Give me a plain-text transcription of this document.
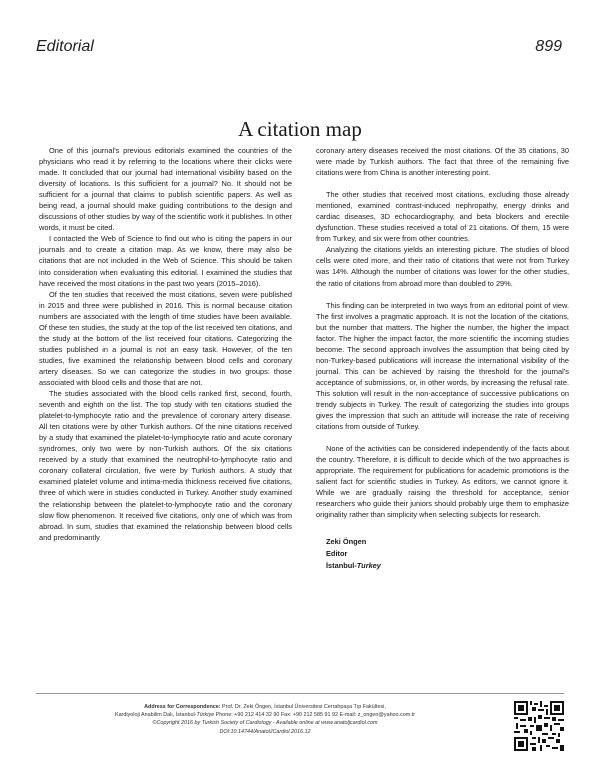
Editorial	899
A citation map

One of this journal’s previous editorials examined the countries of the physicians who read it by referring to the locations where their clicks were made. It concluded that our journal had international visibility based on the diversity of locations. Is this sufficient for a journal? No. It should not be sufficient for a journal that claims to publish scientific papers. As well as being read, a journal should make guiding contributions to the design and discussions of other studies by way of the scientific work it publishes. In other words, it must be cited.

I contacted the Web of Science to find out who is citing the papers in our journals and to create a citation map. As we know, there may also be citations that are not included in the Web of Science. This should be taken into consideration when evaluating this editorial. I examined the studies that have received the most citations in the past two years (2015–2016).

Of the ten studies that received the most citations, seven were published in 2015 and three were published in 2016. This is normal because citation numbers are associated with the length of time studies have been available. Of these ten studies, the study at the top of the list received ten citations, and the study at the bottom of the list received four citations. Categorizing the studies published in a journal is not an easy task. However, of the ten studies, five examined the relationship between blood cells and coronary artery diseases. So we can categorize the studies in two groups: those associated with blood cells and those that are not.

The studies associated with the blood cells ranked first, second, fourth, seventh and eighth on the list. The top study with ten citations studied the platelet-to-lymphocyte ratio and the prevalence of coronary artery disease. All ten citations were by other Turkish authors. Of the nine citations received by a study that examined the platelet-to-lymphocyte ratio and acute coronary syndromes, only two were by non-Turkish authors. Of the six citations received by a study that examined the neutrophil-to-lymphocyte ratio and coronary collateral circulation, five were by Turkish authors. A study that examined platelet volume and intima-media thickness received five citations, three of which were in studies conducted in Turkey. Another study examined the relationship between the platelet-to-lymphocyte ratio and the coronary slow flow phenomenon. It received five citations, only one of which was from abroad. In sum, studies that examined the relationship between blood cells and predominantly

coronary artery diseases received the most citations. Of the 35 citations, 30 were made by Turkish authors. The fact that three of the remaining five citations were from China is another interesting point.

The other studies that received most citations, excluding those already mentioned, examined contrast-induced nephropathy, energy drinks and cardiac diseases, 3D echocardiography, and beta blockers and erectile dysfunction. These studies received a total of 21 citations. Of them, 15 were from Turkey, and six were from other countries.

Analyzing the citations yields an interesting picture. The studies of blood cells were cited more, and their ratio of citations that were not from Turkey was 14%. Although the number of citations was lower for the other studies, the ratio of citations from abroad more than doubled to 29%.

This finding can be interpreted in two ways from an editorial point of view. The first involves a pragmatic approach. It is not the location of the citations, but the number that matters. The higher the number, the higher the impact factor. The higher the impact factor, the more scientific the incoming studies become. The second approach involves the assumption that being cited by non-Turkey-based publications will increase the international visibility of the journal. This can be achieved by raising the threshold for the journal’s acceptance of submissions, or, in other words, by increasing the refusal rate. This solution will result in the non-acceptance of successive publications on trendy subjects in Turkey. The result of categorizing the studies into groups gives the impression that such an attitude will increase the rate of receiving citations from outside of Turkey.

None of the activities can be considered independently of the facts about the country. Therefore, it is difficult to decide which of the two approaches is appropriate. The requirement for publications for academic promotions is the salient fact for scientific studies in Turkey. As editors, we cannot ignore it. While we are gradually raising the threshold for acceptance, senior researchers who guide their juniors should probably urge them to emphasize originality rather than simplicity when selecting subjects for research.

Zeki Öngen
Editor
İstanbul-Turkey
Address for Correspondence: Prof. Dr. Zeki Öngen, İstanbul Üniversitesi Cerrahpaşa Tıp Fakültesi,
Kardiyoloji Anabilim Dalı, İstanbul-Türkiye Phone: +90 212 414 32 90 Fax: +90 212 585 91 92 E-mail: z_ongen@yahoo.com.tr
©Copyright 2016 by Turkish Society of Cardiology - Available online at www.anatoljcardiol.com
DOI:10.14744/AnatolJCardiol.2016.12
